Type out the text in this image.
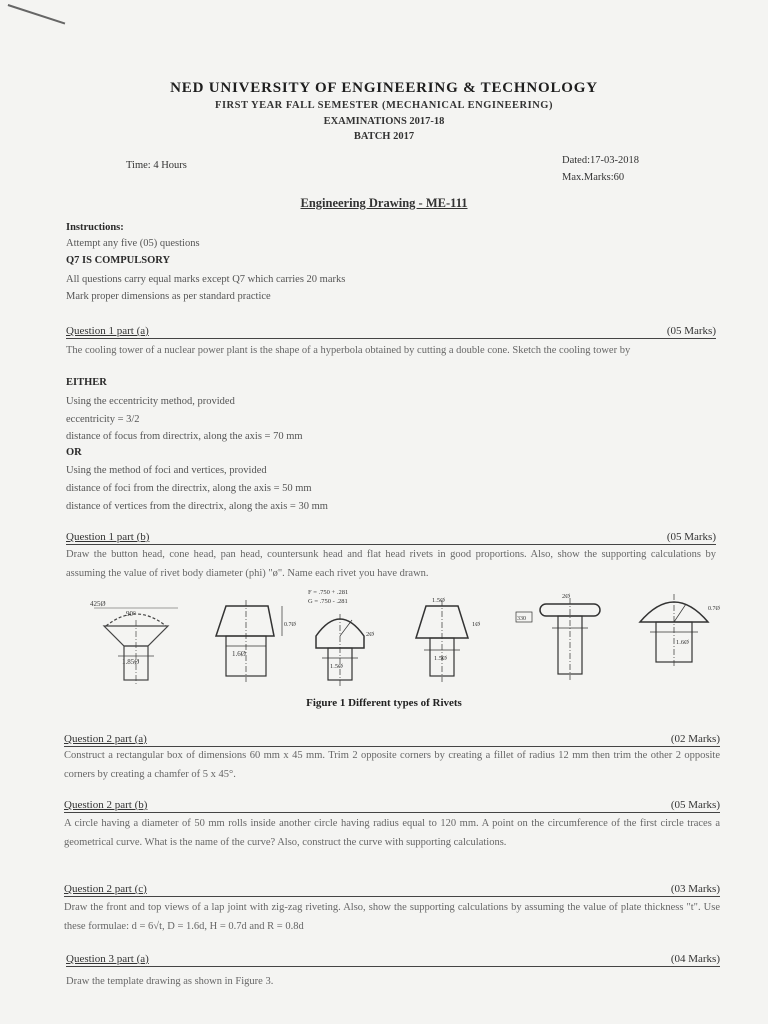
NED UNIVERSITY OF ENGINEERING & TECHNOLOGY
FIRST YEAR FALL SEMESTER (MECHANICAL ENGINEERING)
EXAMINATIONS 2017-18
BATCH 2017
Time: 4 Hours	Dated:17-03-2018
Max.Marks:60
Engineering Drawing - ME-111
Instructions:
Attempt any five (05) questions
Q7 IS COMPULSORY
All questions carry equal marks except Q7 which carries 20 marks
Mark proper dimensions as per standard practice
Question 1 part (a)	(05 Marks)
The cooling tower of a nuclear power plant is the shape of a hyperbola obtained by cutting a double cone. Sketch the cooling tower by
EITHER
Using the eccentricity method, provided
eccentricity = 3/2
distance of focus from directrix, along the axis = 70 mm
OR
Using the method of foci and vertices, provided
distance of foci from the directrix, along the axis = 50 mm
distance of vertices from the directrix, along the axis = 30 mm
Question 1 part (b)	(05 Marks)
Draw the button head, cone head, pan head, countersunk head and flat head rivets in good proportions. Also, show the supporting calculations by assuming the value of rivet body diameter (phi) "ø". Name each rivet you have drawn.
425Ø
90°
1.85Ø
1.6Ø
0.7Ø
F = .750 + .281
G = .750 - .281
2Ø
1.5Ø
1.5Ø
1Ø
1.5Ø
2Ø
330
0.7Ø
1.6Ø
Figure 1 Different types of Rivets
Question 2 part (a)	(02 Marks)
Construct a rectangular box of dimensions 60 mm x 45 mm. Trim 2 opposite corners by creating a fillet of radius 12 mm then trim the other 2 opposite corners by creating a chamfer of 5 x 45°.
Question 2 part (b)	(05 Marks)
A circle having a diameter of 50 mm rolls inside another circle having radius equal to 120 mm. A point on the circumference of the first circle traces a geometrical curve. What is the name of the curve? Also, construct the curve with supporting calculations.
Question 2 part (c)	(03 Marks)
Draw the front and top views of a lap joint with zig-zag riveting. Also, show the supporting calculations by assuming the value of plate thickness "t". Use these formulae: d = 6√t, D = 1.6d, H = 0.7d and R = 0.8d
Question 3 part (a)	(04 Marks)
Draw the template drawing as shown in Figure 3.
